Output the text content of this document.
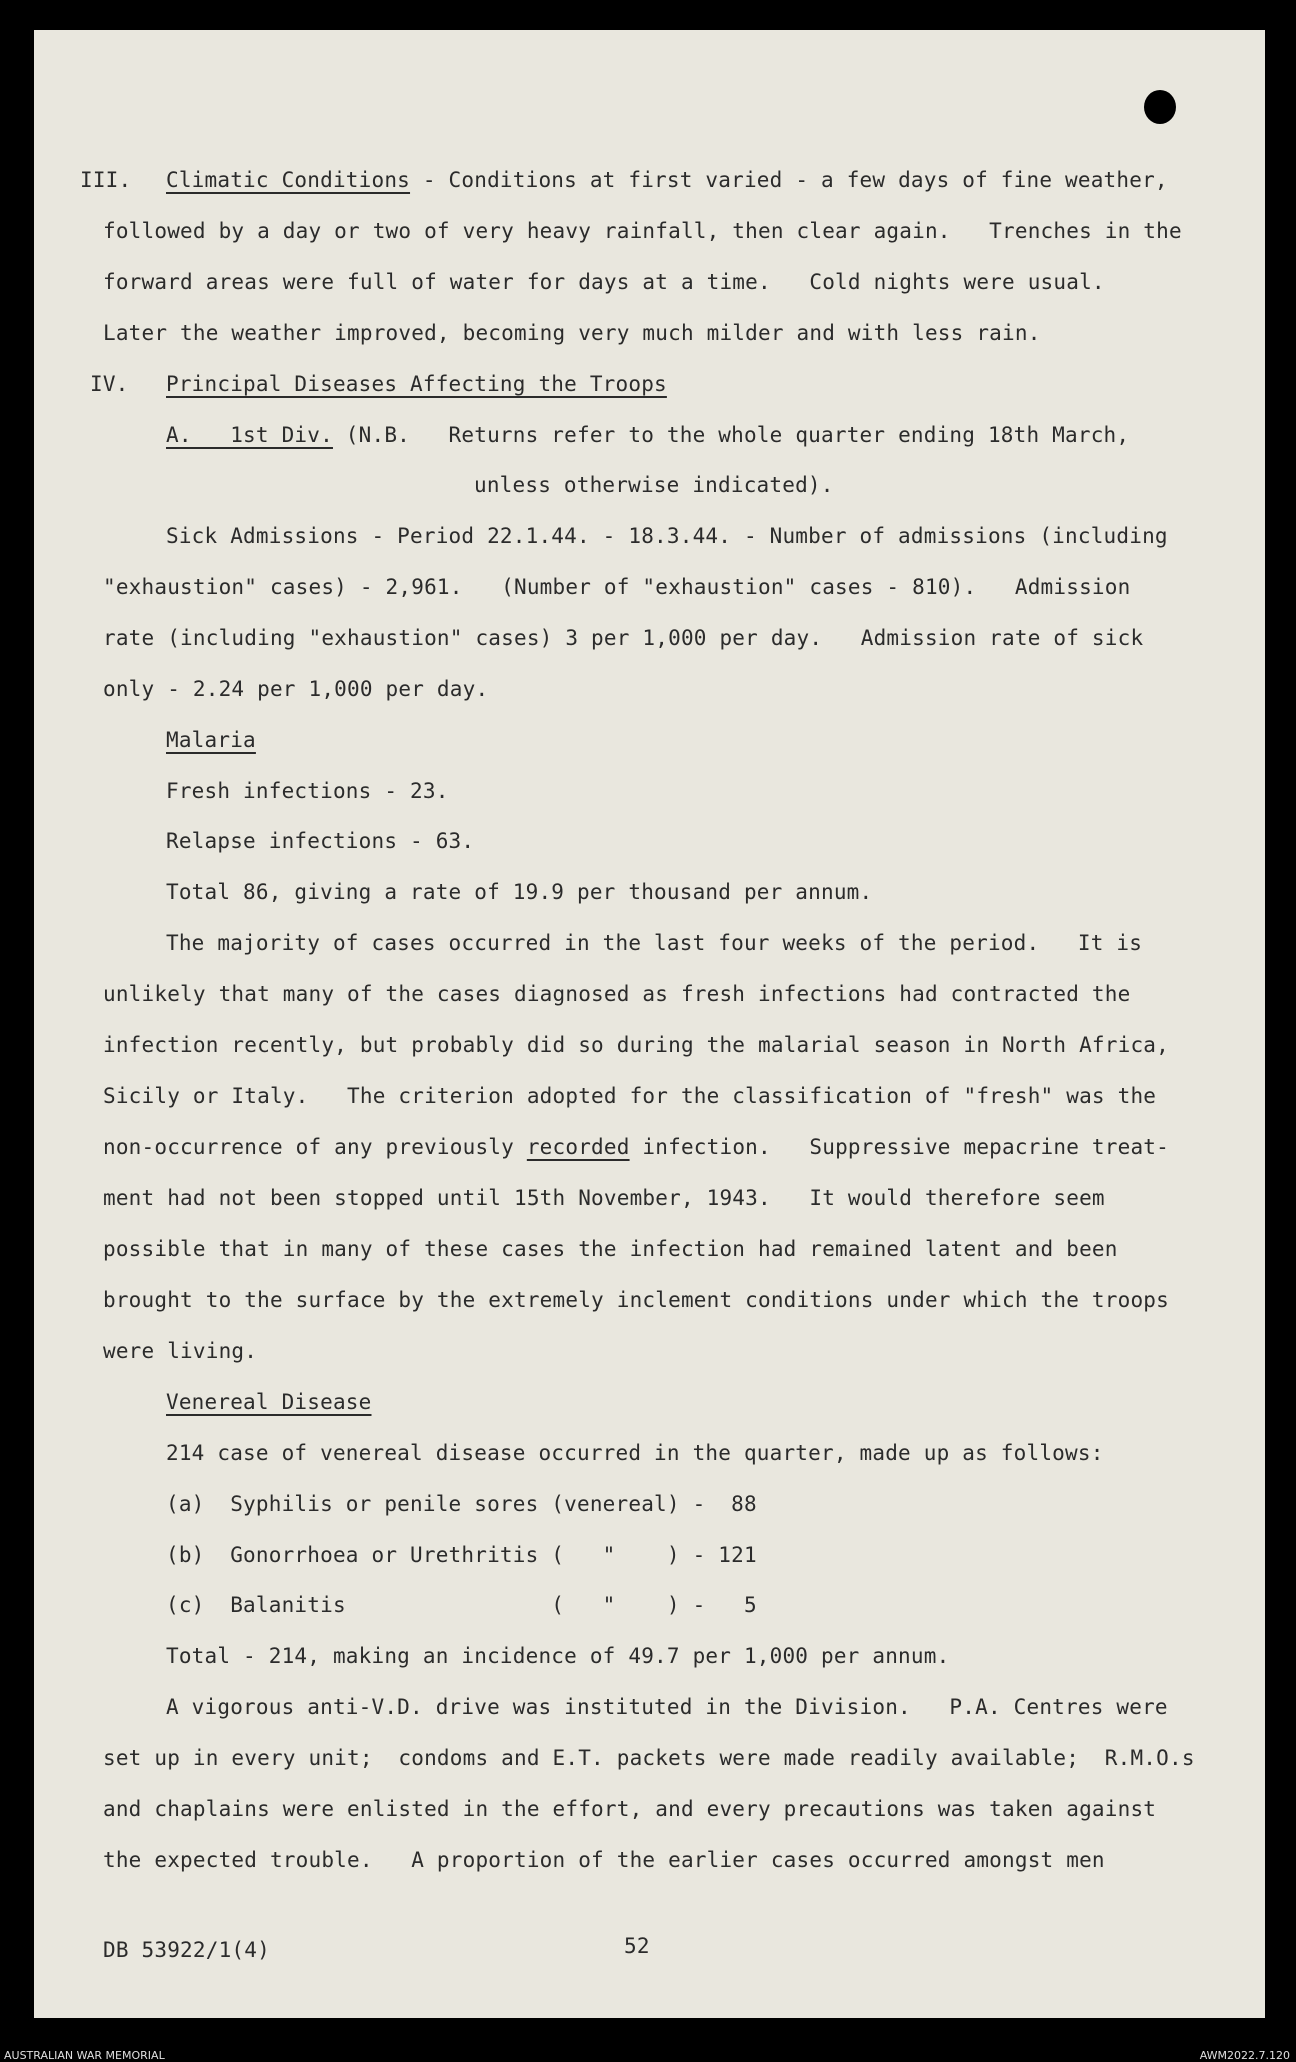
III. Climatic Conditions - Conditions at first varied - a few days of fine weather,
followed by a day or two of very heavy rainfall, then clear again.   Trenches in the
forward areas were full of water for days at a time.   Cold nights were usual.
Later the weather improved, becoming very much milder and with less rain.
IV. Principal Diseases Affecting the Troops
A.   1st Div. (N.B.   Returns refer to the whole quarter ending 18th March,
unless otherwise indicated).
Sick Admissions - Period 22.1.44. - 18.3.44. - Number of admissions (including
"exhaustion" cases) - 2,961.   (Number of "exhaustion" cases - 810).   Admission
rate (including "exhaustion" cases) 3 per 1,000 per day.   Admission rate of sick
only - 2.24 per 1,000 per day.
Malaria
Fresh infections - 23.
Relapse infections - 63.
Total 86, giving a rate of 19.9 per thousand per annum.
The majority of cases occurred in the last four weeks of the period.   It is
unlikely that many of the cases diagnosed as fresh infections had contracted the
infection recently, but probably did so during the malarial season in North Africa,
Sicily or Italy.   The criterion adopted for the classification of "fresh" was the
non-occurrence of any previously recorded infection.   Suppressive mepacrine treat-
ment had not been stopped until 15th November, 1943.   It would therefore seem
possible that in many of these cases the infection had remained latent and been
brought to the surface by the extremely inclement conditions under which the troops
were living.
Venereal Disease
214 case of venereal disease occurred in the quarter, made up as follows:
(a)  Syphilis or penile sores (venereal) -  88
(b)  Gonorrhoea or Urethritis (   "    ) - 121
(c)  Balanitis                (   "    ) -   5
Total - 214, making an incidence of 49.7 per 1,000 per annum.
A vigorous anti-V.D. drive was instituted in the Division.   P.A. Centres were
set up in every unit;  condoms and E.T. packets were made readily available;  R.M.O.s
and chaplains were enlisted in the effort, and every precautions was taken against
the expected trouble.   A proportion of the earlier cases occurred amongst men
DB 53922/1(4)	52
AUSTRALIAN WAR MEMORIAL	AWM2022.7.120
